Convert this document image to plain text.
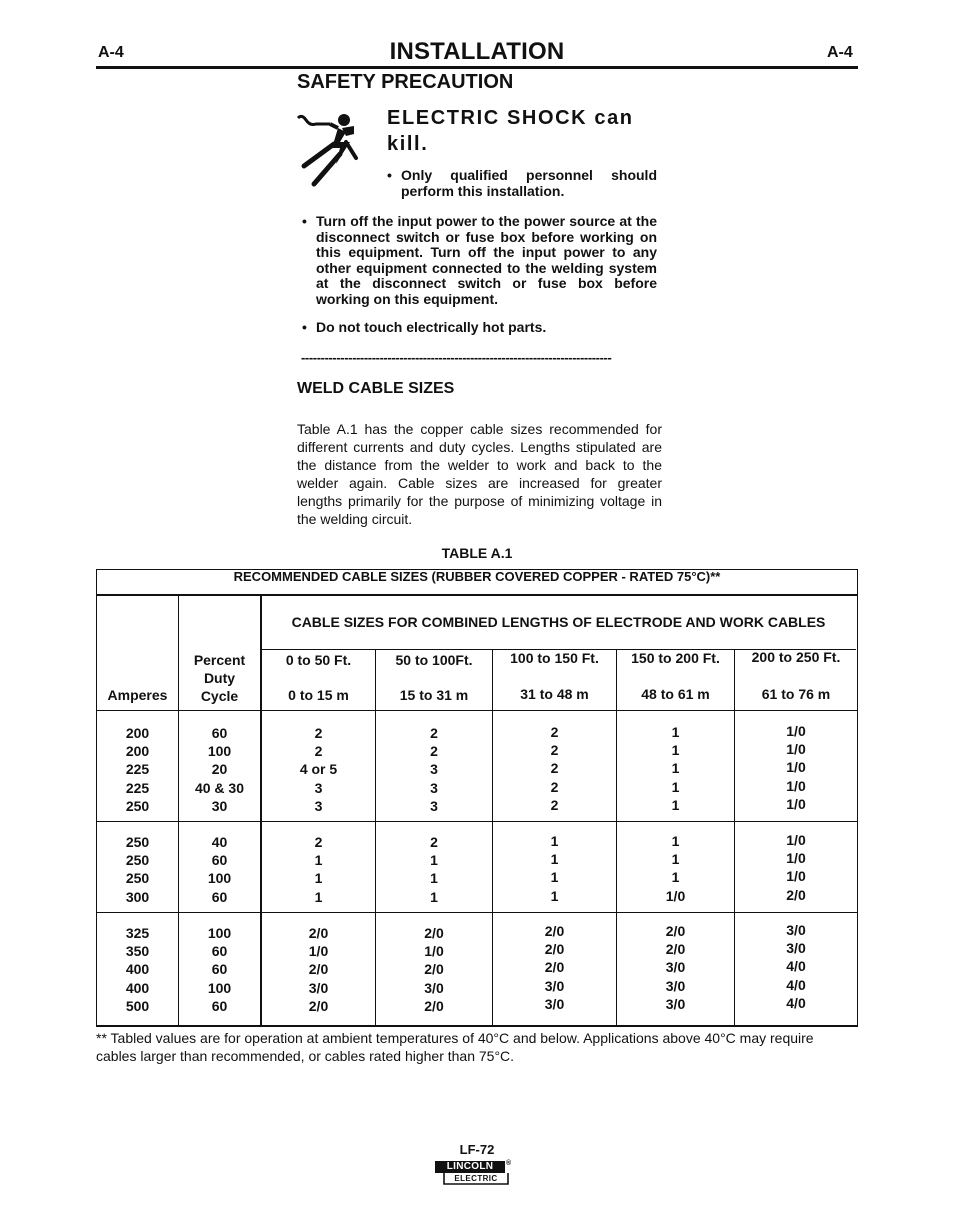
A-4	INSTALLATION	A-4
SAFETY PRECAUTION
ELECTRIC SHOCK can kill.
• Only qualified personnel should perform this installation.
• Turn off the input power to the power source at the disconnect switch or fuse box before working on this equipment. Turn off the input power to any other equipment connected to the welding system at the disconnect switch or fuse box before working on this equipment.
• Do not touch electrically hot parts.
-------------------------------------------------------------------------------
WELD CABLE SIZES
Table A.1 has the copper cable sizes recommended for different currents and duty cycles. Lengths stipulated are the distance from the welder to work and back to the welder again. Cable sizes are increased for greater lengths primarily for the purpose of minimizing voltage in the welding circuit.
TABLE A.1
RECOMMENDED CABLE SIZES (RUBBER COVERED COPPER - RATED 75°C)**
CABLE SIZES FOR COMBINED LENGTHS OF ELECTRODE AND WORK CABLES
Amperes
Percent
Duty
Cycle
0 to 50 Ft.
0 to 15 m
50 to 100Ft.
15 to 31 m
100 to 150 Ft.
31 to 48 m
150 to 200 Ft.
48 to 61 m
200 to 250 Ft.
61 to 76 m
200
200
225
225
250
60
100
20
40 & 30
30
2
2
4 or 5
3
3
2
2
3
3
3
2
2
2
2
2
1
1
1
1
1
1/0
1/0
1/0
1/0
1/0
250
250
250
300
40
60
100
60
2
1
1
1
2
1
1
1
1
1
1
1
1
1
1
1/0
1/0
1/0
1/0
2/0
325
350
400
400
500
100
60
60
100
60
2/0
1/0
2/0
3/0
2/0
2/0
1/0
2/0
3/0
2/0
2/0
2/0
2/0
3/0
3/0
2/0
2/0
3/0
3/0
3/0
3/0
3/0
4/0
4/0
4/0
** Tabled values are for operation at ambient temperatures of 40°C and below. Applications above 40°C may require cables larger than recommended, or cables rated higher than 75°C.
LF-72
LINCOLN
ELECTRIC
®
